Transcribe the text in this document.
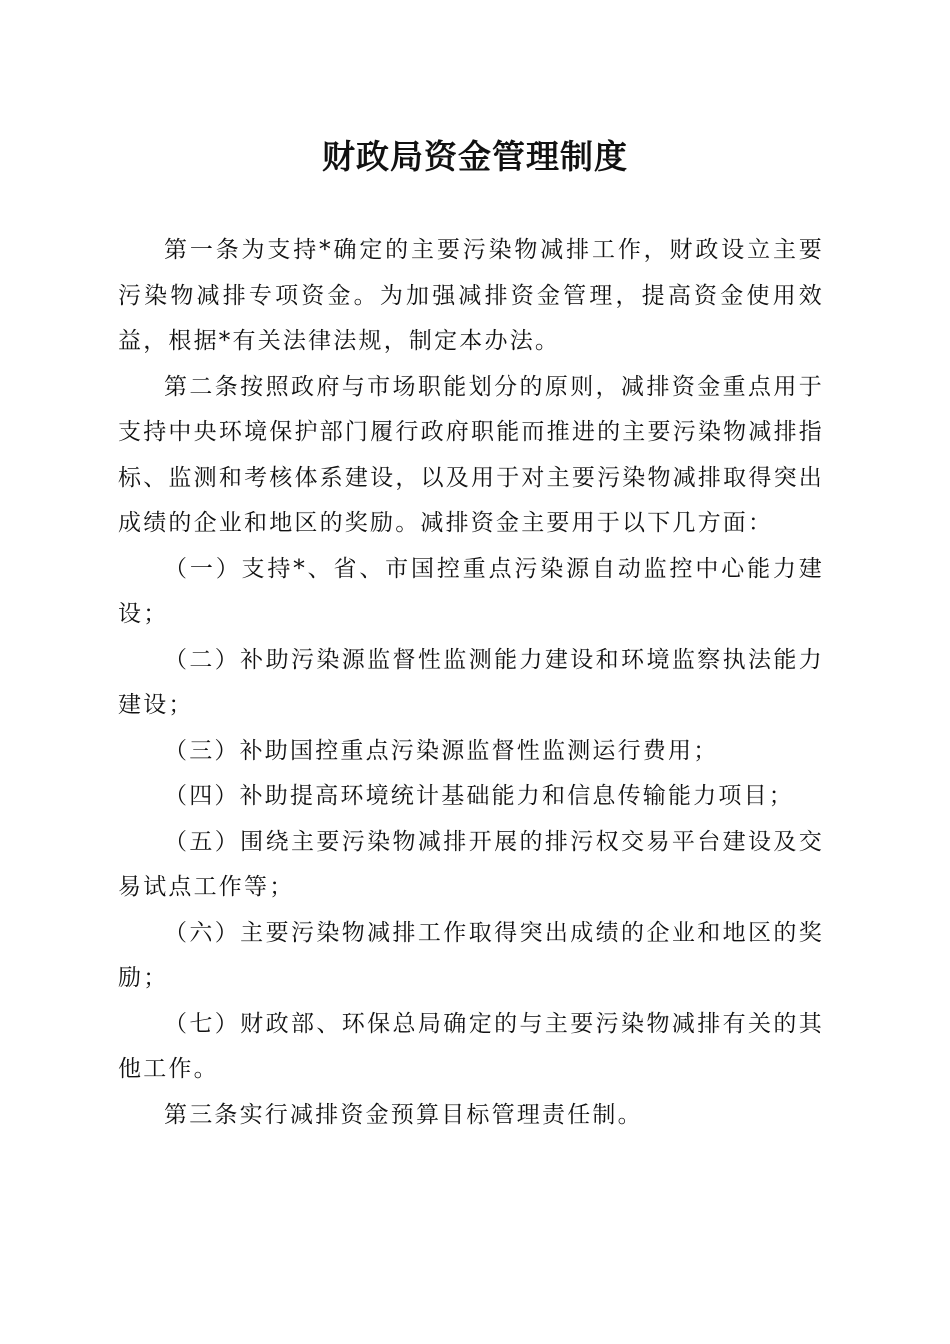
财政局资金管理制度

第一条为支持*确定的主要污染物减排工作，财政设立主要污染物减排专项资金。为加强减排资金管理，提高资金使用效益，根据*有关法律法规，制定本办法。

第二条按照政府与市场职能划分的原则，减排资金重点用于支持中央环境保护部门履行政府职能而推进的主要污染物减排指标、监测和考核体系建设，以及用于对主要污染物减排取得突出成绩的企业和地区的奖励。减排资金主要用于以下几方面：

（一）支持*、省、市国控重点污染源自动监控中心能力建设；

（二）补助污染源监督性监测能力建设和环境监察执法能力建设；

（三）补助国控重点污染源监督性监测运行费用；

（四）补助提高环境统计基础能力和信息传输能力项目；

（五）围绕主要污染物减排开展的排污权交易平台建设及交易试点工作等；

（六）主要污染物减排工作取得突出成绩的企业和地区的奖励；

（七）财政部、环保总局确定的与主要污染物减排有关的其他工作。

第三条实行减排资金预算目标管理责任制。
